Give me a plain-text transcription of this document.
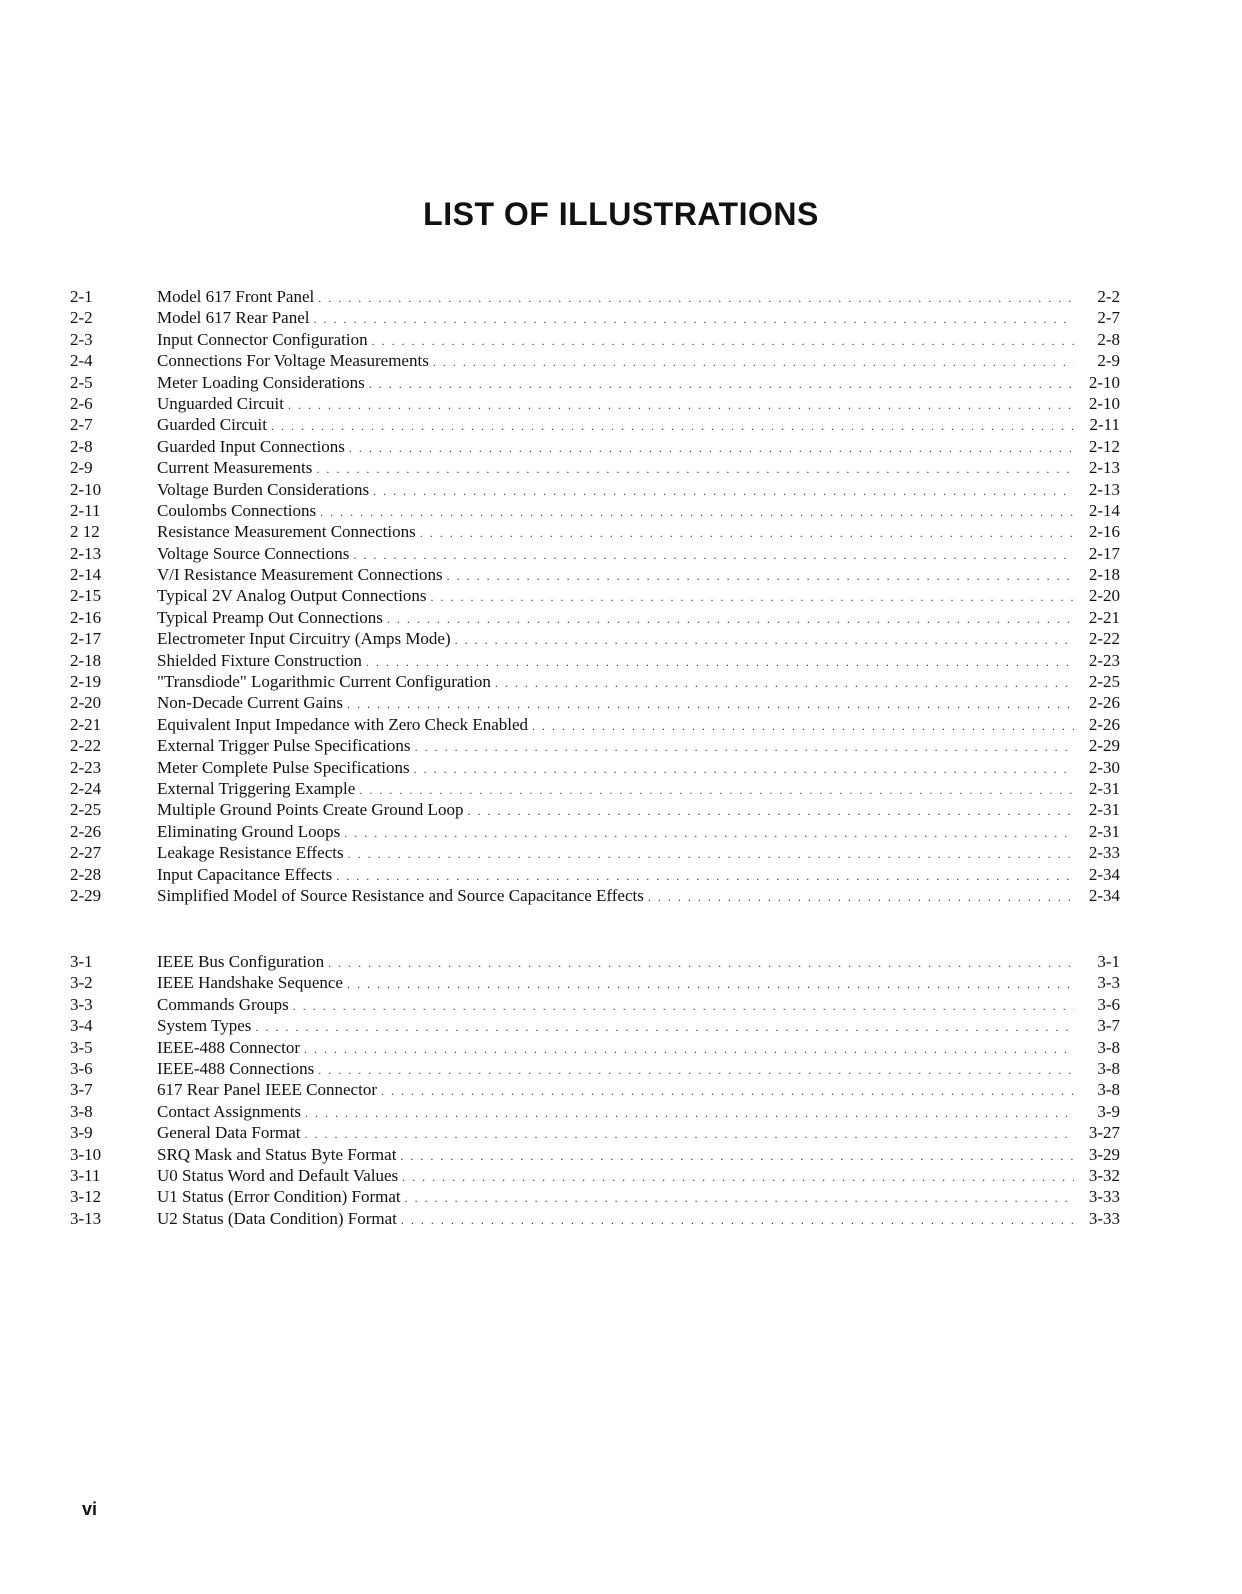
LIST OF ILLUSTRATIONS
2-1	Model 617 Front Panel . . .	2-2
2-2	Model 617 Rear Panel . . .	2-7
2-3	Input Connector Configuration . . .	2-8
2-4	Connections For Voltage Measurements . . .	2-9
2-5	Meter Loading Considerations . . .	2-10
2-6	Unguarded Circuit . . .	2-10
2-7	Guarded Circuit . . .	2-11
2-8	Guarded Input Connections . . .	2-12
2-9	Current Measurements . . .	2-13
2-10	Voltage Burden Considerations . . .	2-13
2-11	Coulombs Connections . . .	2-14
2 12	Resistance Measurement Connections . . .	2-16
2-13	Voltage Source Connections . . .	2-17
2-14	V/I Resistance Measurement Connections . . .	2-18
2-15	Typical 2V Analog Output Connections . . .	2-20
2-16	Typical Preamp Out Connections . . .	2-21
2-17	Electrometer Input Circuitry (Amps Mode) . . .	2-22
2-18	Shielded Fixture Construction . . .	2-23
2-19	"Transdiode" Logarithmic Current Configuration . . .	2-25
2-20	Non-Decade Current Gains . . .	2-26
2-21	Equivalent Input Impedance with Zero Check Enabled . . .	2-26
2-22	External Trigger Pulse Specifications . . .	2-29
2-23	Meter Complete Pulse Specifications . . .	2-30
2-24	External Triggering Example . . .	2-31
2-25	Multiple Ground Points Create Ground Loop . . .	2-31
2-26	Eliminating Ground Loops . . .	2-31
2-27	Leakage Resistance Effects . . .	2-33
2-28	Input Capacitance Effects . . .	2-34
2-29	Simplified Model of Source Resistance and Source Capacitance Effects . . .	2-34
3-1	IEEE Bus Configuration . . .	3-1
3-2	IEEE Handshake Sequence . . .	3-3
3-3	Commands Groups . . .	3-6
3-4	System Types . . .	3-7
3-5	IEEE-488 Connector . . .	3-8
3-6	IEEE-488 Connections . . .	3-8
3-7	617 Rear Panel IEEE Connector . . .	3-8
3-8	Contact Assignments . . .	3-9
3-9	General Data Format . . .	3-27
3-10	SRQ Mask and Status Byte Format . . .	3-29
3-11	U0 Status Word and Default Values . . .	3-32
3-12	U1 Status (Error Condition) Format . . .	3-33
3-13	U2 Status (Data Condition) Format . . .	3-33
vi
